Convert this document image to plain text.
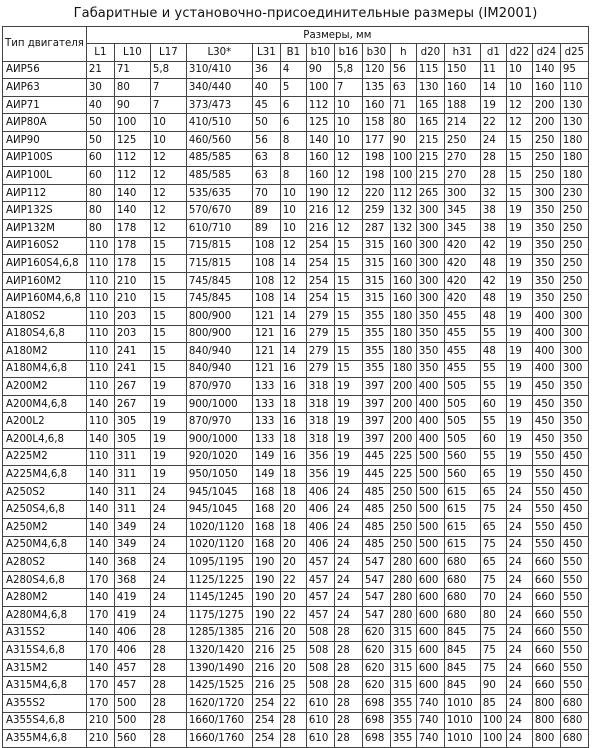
Габаритные и установочно-присоединительные размеры (IM2001)
Тип двигателя	Размеры, мм															
	L1	L10	L17	L30*	L31	B1	b10	b16	b30	h	d20	h31	d1	d22	d24	d25
АИР56	21	71	5,8	310/410	36	4	90	5,8	120	56	115	150	11	10	140	95
АИР63	30	80	7	340/440	40	5	100	7	135	63	130	160	14	10	160	110
АИР71	40	90	7	373/473	45	6	112	10	160	71	165	188	19	12	200	130
АИР80А	50	100	10	410/510	50	6	125	10	158	80	165	214	22	12	200	130
АИР90	50	125	10	460/560	56	8	140	10	177	90	215	250	24	15	250	180
АИР100S	60	112	12	485/585	63	8	160	12	198	100	215	270	28	15	250	180
АИР100L	60	112	12	485/585	63	8	160	12	198	100	215	270	28	15	250	180
АИР112	80	140	12	535/635	70	10	190	12	220	112	265	300	32	15	300	230
АИР132S	80	140	12	570/670	89	10	216	12	259	132	300	345	38	19	350	250
АИР132M	80	178	12	610/710	89	10	216	12	287	132	300	345	38	19	350	250
АИР160S2	110	178	15	715/815	108	12	254	15	315	160	300	420	42	19	350	250
АИР160S4,6,8	110	178	15	715/815	108	14	254	15	315	160	300	420	48	19	350	250
АИР160M2	110	210	15	745/845	108	12	254	15	315	160	300	420	42	19	350	250
АИР160M4,6,8	110	210	15	745/845	108	14	254	15	315	160	300	420	48	19	350	250
А180S2	110	203	15	800/900	121	14	279	15	355	180	350	455	48	19	400	300
А180S4,6,8	110	203	15	800/900	121	16	279	15	355	180	350	455	55	19	400	300
А180M2	110	241	15	840/940	121	14	279	15	355	180	350	455	48	19	400	300
А180M4,6,8	110	241	15	840/940	121	16	279	15	355	180	350	455	55	19	400	300
А200M2	110	267	19	870/970	133	16	318	19	397	200	400	505	55	19	450	350
А200M4,6,8	140	267	19	900/1000	133	18	318	19	397	200	400	505	60	19	450	350
А200L2	110	305	19	870/970	133	16	318	19	397	200	400	505	55	19	450	350
А200L4,6,8	140	305	19	900/1000	133	18	318	19	397	200	400	505	60	19	450	350
А225M2	110	311	19	920/1020	149	16	356	19	445	225	500	560	55	19	550	450
А225M4,6,8	140	311	19	950/1050	149	18	356	19	445	225	500	560	65	19	550	450
А250S2	140	311	24	945/1045	168	18	406	24	485	250	500	615	65	24	550	450
А250S4,6,8	140	311	24	945/1045	168	20	406	24	485	250	500	615	75	24	550	450
А250M2	140	349	24	1020/1120	168	18	406	24	485	250	500	615	65	24	550	450
А250M4,6,8	140	349	24	1020/1120	168	20	406	24	485	250	500	615	75	24	550	450
А280S2	140	368	24	1095/1195	190	20	457	24	547	280	600	680	65	24	660	550
А280S4,6,8	170	368	24	1125/1225	190	22	457	24	547	280	600	680	75	24	660	550
А280M2	140	419	24	1145/1245	190	20	457	24	547	280	600	680	70	24	660	550
А280M4,6,8	170	419	24	1175/1275	190	22	457	24	547	280	600	680	80	24	660	550
А315S2	140	406	28	1285/1385	216	20	508	28	620	315	600	845	75	24	660	550
А315S4,6,8	170	406	28	1320/1420	216	25	508	28	620	315	600	845	75	24	660	550
А315M2	140	457	28	1390/1490	216	20	508	28	620	315	600	845	75	24	660	550
А315M4,6,8	170	457	28	1425/1525	216	25	508	28	620	315	600	845	90	24	660	550
А355S2	170	500	28	1620/1720	254	22	610	28	698	355	740	1010	85	24	800	680
А355S4,6,8	210	500	28	1660/1760	254	28	610	28	698	355	740	1010	100	24	800	680
А355M4,6,8	210	560	28	1660/1760	254	28	610	28	698	355	740	1010	100	24	800	680
